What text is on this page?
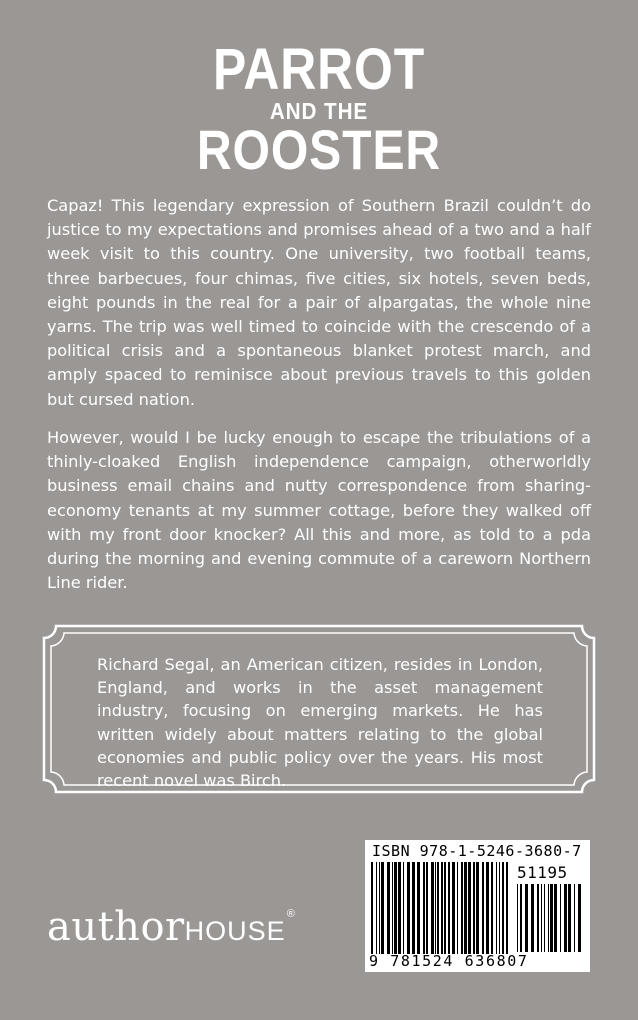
PARROT
AND THE
ROOSTER

Capaz! This legendary expression of Southern Brazil couldn’t do justice to my expectations and promises ahead of a two and a half week visit to this country. One university, two football teams, three barbecues, four chimas, five cities, six hotels, seven beds, eight pounds in the real for a pair of alpargatas, the whole nine yarns. The trip was well timed to coincide with the crescendo of a political crisis and a spontaneous blanket protest march, and amply spaced to reminisce about previous travels to this golden but cursed nation.

However, would I be lucky enough to escape the tribulations of a thinly-cloaked English independence campaign, otherworldly business email chains and nutty correspondence from sharing-economy tenants at my summer cottage, before they walked off with my front door knocker? All this and more, as told to a pda during the morning and evening commute of a careworn Northern Line rider.

Richard Segal, an American citizen, resides in London, England, and works in the asset management industry, focusing on emerging markets. He has written widely about matters relating to the global economies and public policy over the years. His most recent novel was Birch.

authorHOUSE®
ISBN 978-1-5246-3680-7
51195
9 781524 636807
